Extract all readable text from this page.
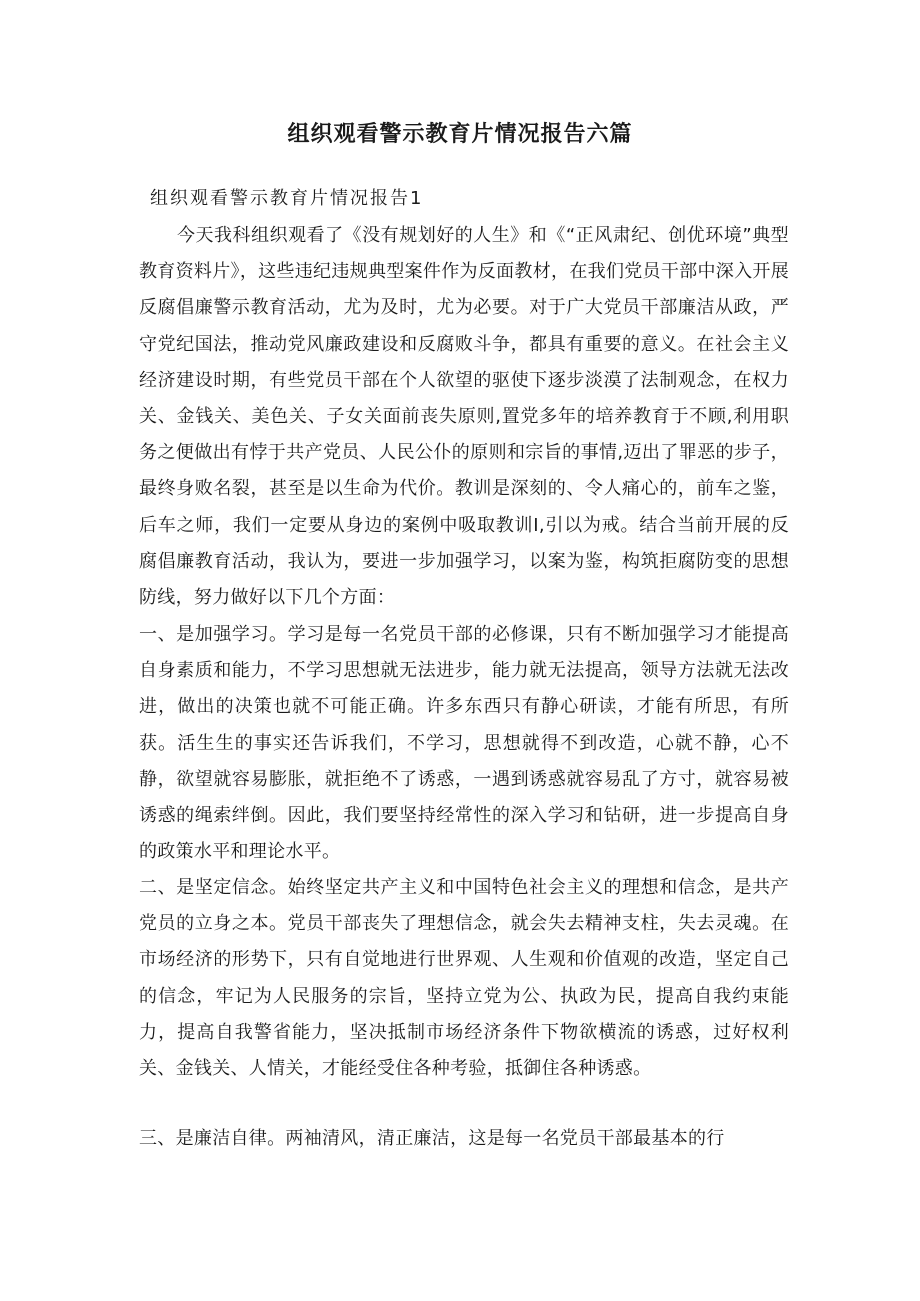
组织观看警示教育片情况报告六篇
组织观看警示教育片情况报告1

今天我科组织观看了《没有规划好的人生》和《“正风肃纪、创优环境”典型教育资料片》，这些违纪违规典型案件作为反面教材，在我们党员干部中深入开展反腐倡廉警示教育活动，尤为及时，尤为必要。对于广大党员干部廉洁从政，严守党纪国法，推动党风廉政建设和反腐败斗争，都具有重要的意义。在社会主义经济建设时期，有些党员干部在个人欲望的驱使下逐步淡漠了法制观念，在权力关、金钱关、美色关、子女关面前丧失原则,置党多年的培养教育于不顾,利用职务之便做出有悖于共产党员、人民公仆的原则和宗旨的事情,迈出了罪恶的步子，最终身败名裂，甚至是以生命为代价。教训是深刻的、令人痛心的，前车之鉴，后车之师，我们一定要从身边的案例中吸取教训I,引以为戒。结合当前开展的反腐倡廉教育活动，我认为，要进一步加强学习，以案为鉴，构筑拒腐防变的思想防线，努力做好以下几个方面：

一、是加强学习。学习是每一名党员干部的必修课，只有不断加强学习才能提高自身素质和能力，不学习思想就无法进步，能力就无法提高，领导方法就无法改进，做出的决策也就不可能正确。许多东西只有静心研读，才能有所思，有所获。活生生的事实还告诉我们，不学习，思想就得不到改造，心就不静，心不静，欲望就容易膨胀，就拒绝不了诱惑，一遇到诱惑就容易乱了方寸，就容易被诱惑的绳索绊倒。因此，我们要坚持经常性的深入学习和钻研，进一步提高自身的政策水平和理论水平。

二、是坚定信念。始终坚定共产主义和中国特色社会主义的理想和信念，是共产党员的立身之本。党员干部丧失了理想信念，就会失去精神支柱，失去灵魂。在市场经济的形势下，只有自觉地进行世界观、人生观和价值观的改造，坚定自己的信念，牢记为人民服务的宗旨，坚持立党为公、执政为民，提高自我约束能力，提高自我警省能力，坚决抵制市场经济条件下物欲横流的诱惑，过好权利关、金钱关、人情关，才能经受住各种考验，抵御住各种诱惑。

三、是廉洁自律。两袖清风，清正廉洁，这是每一名党员干部最基本的行
